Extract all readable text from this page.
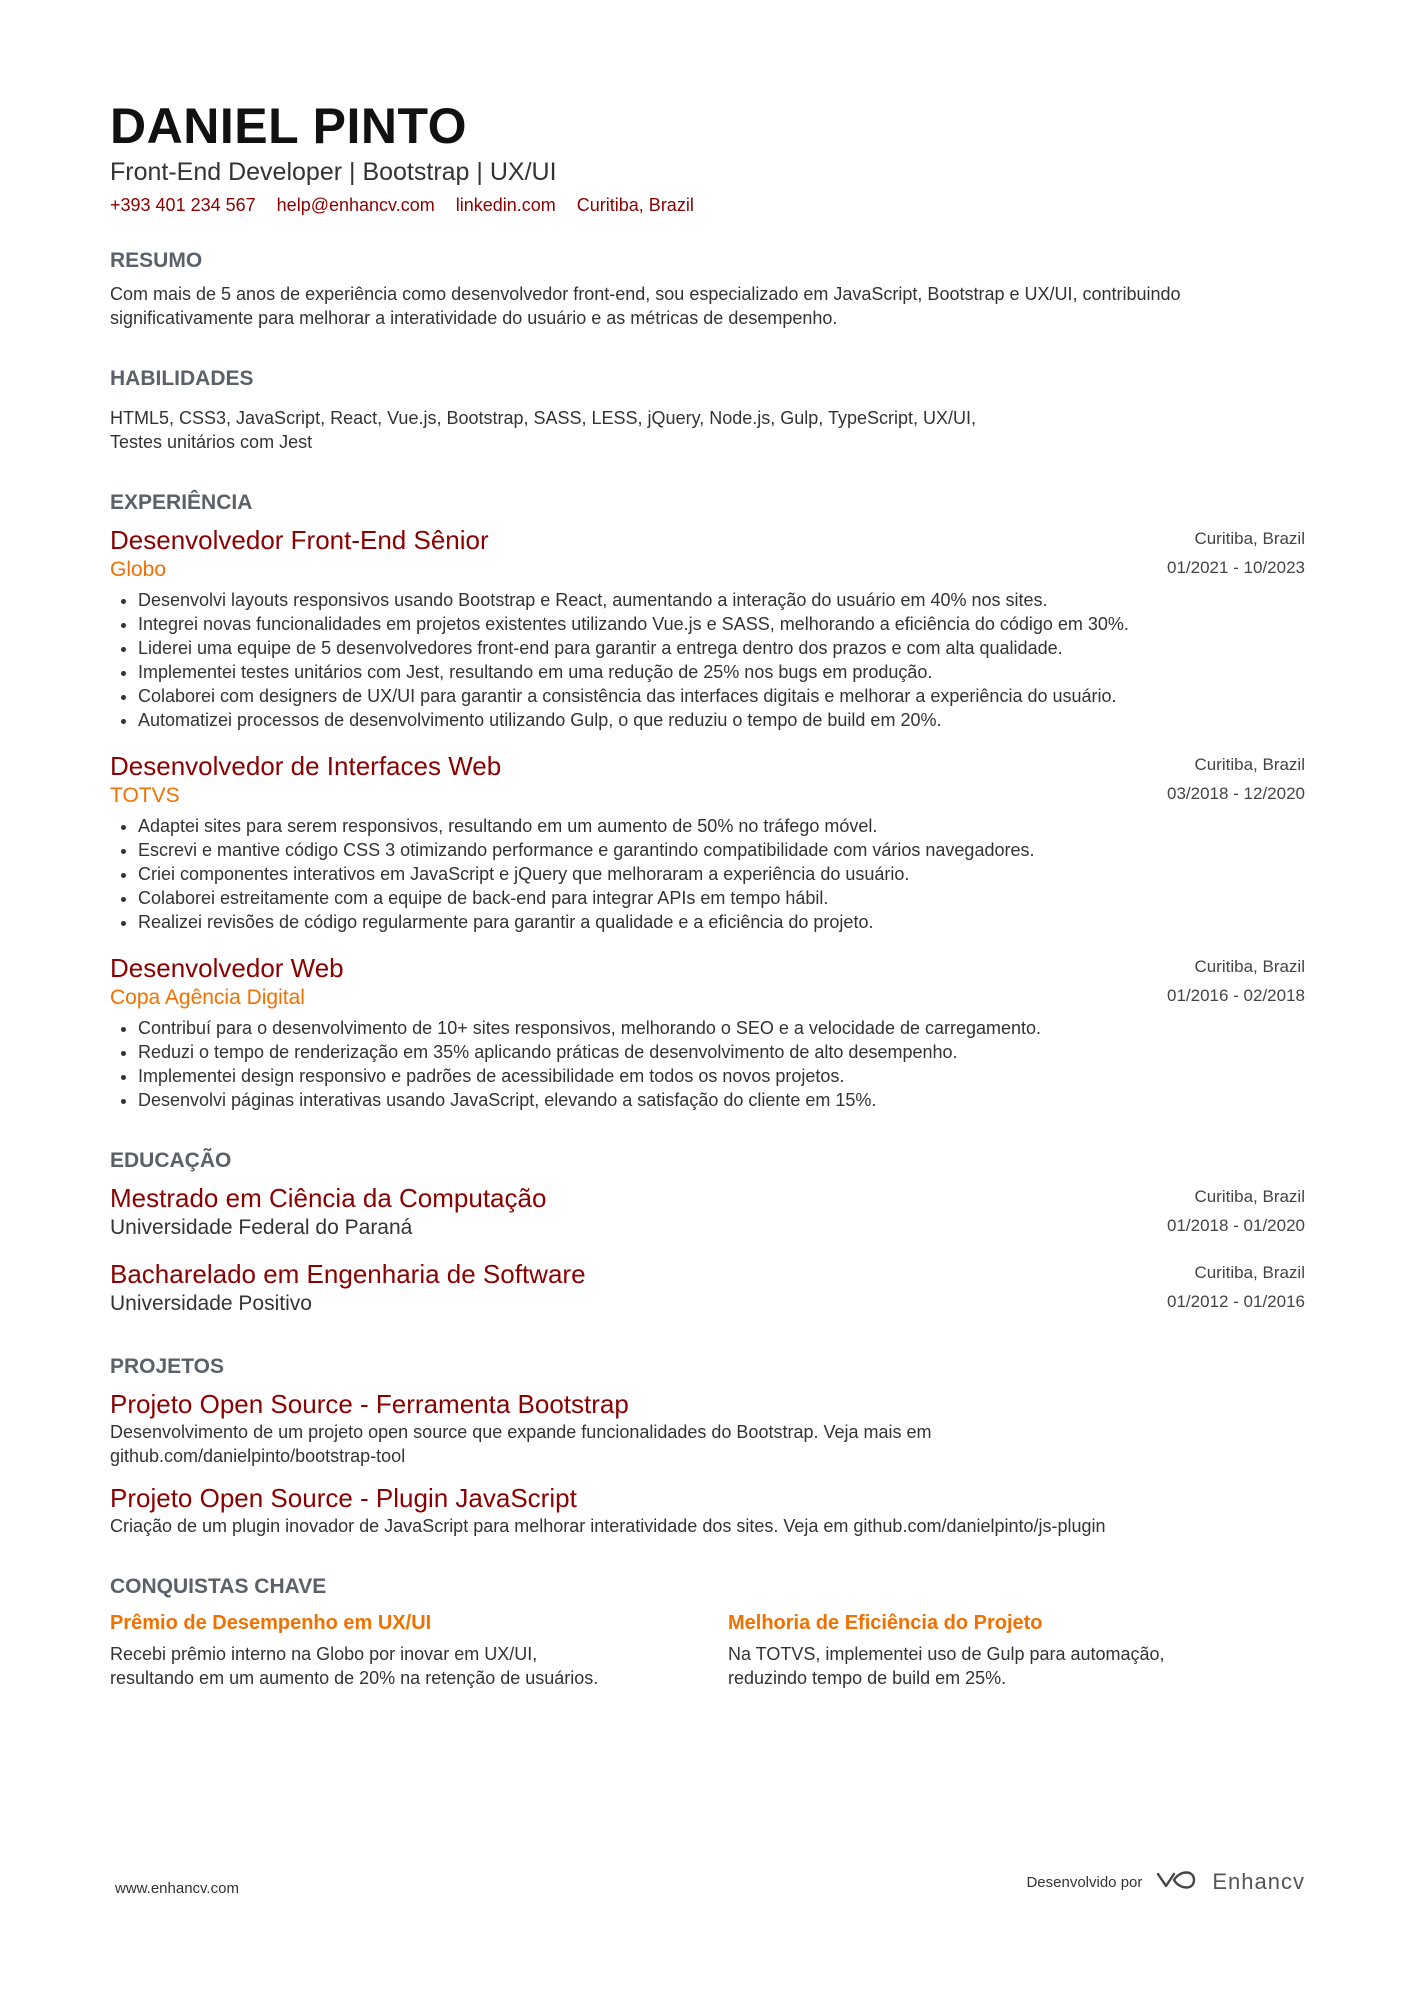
DANIEL PINTO
Front-End Developer | Bootstrap | UX/UI
+393 401 234 567 help@enhancv.com linkedin.com Curitiba, Brazil
RESUMO
Com mais de 5 anos de experiência como desenvolvedor front-end, sou especializado em JavaScript, Bootstrap e UX/UI, contribuindo significativamente para melhorar a interatividade do usuário e as métricas de desempenho.
HABILIDADES
HTML5, CSS3, JavaScript, React, Vue.js, Bootstrap, SASS, LESS, jQuery, Node.js, Gulp, TypeScript, UX/UI,
Testes unitários com Jest
EXPERIÊNCIA
Desenvolvedor Front-End Sênior
Globo
Curitiba, Brazil
01/2021 - 10/2023
• Desenvolvi layouts responsivos usando Bootstrap e React, aumentando a interação do usuário em 40% nos sites.
• Integrei novas funcionalidades em projetos existentes utilizando Vue.js e SASS, melhorando a eficiência do código em 30%.
• Liderei uma equipe de 5 desenvolvedores front-end para garantir a entrega dentro dos prazos e com alta qualidade.
• Implementei testes unitários com Jest, resultando em uma redução de 25% nos bugs em produção.
• Colaborei com designers de UX/UI para garantir a consistência das interfaces digitais e melhorar a experiência do usuário.
• Automatizei processos de desenvolvimento utilizando Gulp, o que reduziu o tempo de build em 20%.
Desenvolvedor de Interfaces Web
TOTVS
Curitiba, Brazil
03/2018 - 12/2020
• Adaptei sites para serem responsivos, resultando em um aumento de 50% no tráfego móvel.
• Escrevi e mantive código CSS 3 otimizando performance e garantindo compatibilidade com vários navegadores.
• Criei componentes interativos em JavaScript e jQuery que melhoraram a experiência do usuário.
• Colaborei estreitamente com a equipe de back-end para integrar APIs em tempo hábil.
• Realizei revisões de código regularmente para garantir a qualidade e a eficiência do projeto.
Desenvolvedor Web
Copa Agência Digital
Curitiba, Brazil
01/2016 - 02/2018
• Contribuí para o desenvolvimento de 10+ sites responsivos, melhorando o SEO e a velocidade de carregamento.
• Reduzi o tempo de renderização em 35% aplicando práticas de desenvolvimento de alto desempenho.
• Implementei design responsivo e padrões de acessibilidade em todos os novos projetos.
• Desenvolvi páginas interativas usando JavaScript, elevando a satisfação do cliente em 15%.
EDUCAÇÃO
Mestrado em Ciência da Computação
Universidade Federal do Paraná
Curitiba, Brazil
01/2018 - 01/2020
Bacharelado em Engenharia de Software
Universidade Positivo
Curitiba, Brazil
01/2012 - 01/2016
PROJETOS
Projeto Open Source - Ferramenta Bootstrap
Desenvolvimento de um projeto open source que expande funcionalidades do Bootstrap. Veja mais em
github.com/danielpinto/bootstrap-tool
Projeto Open Source - Plugin JavaScript
Criação de um plugin inovador de JavaScript para melhorar interatividade dos sites. Veja em github.com/danielpinto/js-plugin
CONQUISTAS CHAVE
Prêmio de Desempenho em UX/UI
Recebi prêmio interno na Globo por inovar em UX/UI,
resultando em um aumento de 20% na retenção de usuários.
Melhoria de Eficiência do Projeto
Na TOTVS, implementei uso de Gulp para automação,
reduzindo tempo de build em 25%.
www.enhancv.com	Desenvolvido por	Enhancv
